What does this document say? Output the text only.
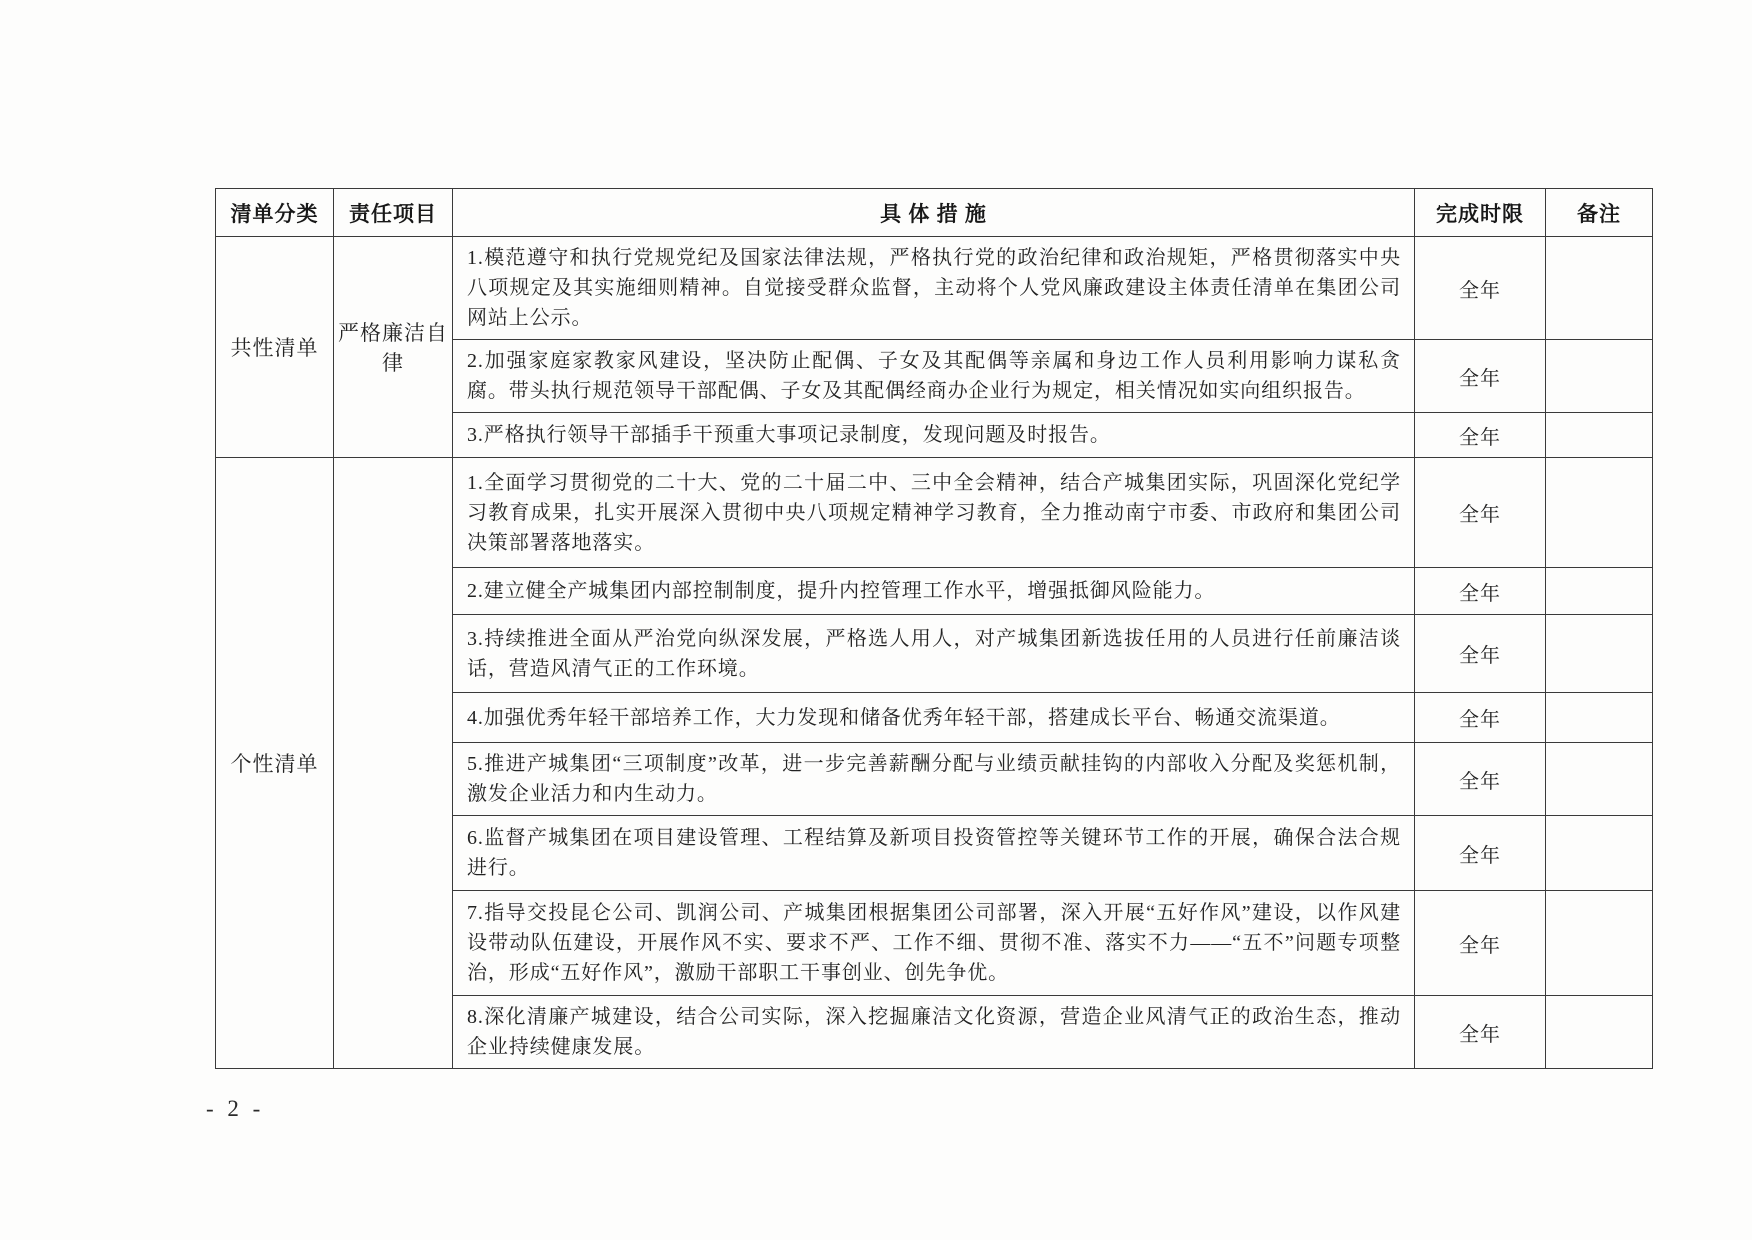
清单分类	责任项目	具 体 措 施	完成时限	备注
共性清单	严格廉洁自律	1.模范遵守和执行党规党纪及国家法律法规，严格执行党的政治纪律和政治规矩，严格贯彻落实中央八项规定及其实施细则精神。自觉接受群众监督，主动将个人党风廉政建设主体责任清单在集团公司网站上公示。	全年	
		2.加强家庭家教家风建设，坚决防止配偶、子女及其配偶等亲属和身边工作人员利用影响力谋私贪腐。带头执行规范领导干部配偶、子女及其配偶经商办企业行为规定，相关情况如实向组织报告。	全年	
		3.严格执行领导干部插手干预重大事项记录制度，发现问题及时报告。	全年	
个性清单		1.全面学习贯彻党的二十大、党的二十届二中、三中全会精神，结合产城集团实际，巩固深化党纪学习教育成果，扎实开展深入贯彻中央八项规定精神学习教育，全力推动南宁市委、市政府和集团公司决策部署落地落实。	全年	
		2.建立健全产城集团内部控制制度，提升内控管理工作水平，增强抵御风险能力。	全年	
		3.持续推进全面从严治党向纵深发展，严格选人用人，对产城集团新选拔任用的人员进行任前廉洁谈话，营造风清气正的工作环境。	全年	
		4.加强优秀年轻干部培养工作，大力发现和储备优秀年轻干部，搭建成长平台、畅通交流渠道。	全年	
		5.推进产城集团“三项制度”改革，进一步完善薪酬分配与业绩贡献挂钩的内部收入分配及奖惩机制，激发企业活力和内生动力。	全年	
		6.监督产城集团在项目建设管理、工程结算及新项目投资管控等关键环节工作的开展，确保合法合规进行。	全年	
		7.指导交投昆仑公司、凯润公司、产城集团根据集团公司部署，深入开展“五好作风”建设，以作风建设带动队伍建设，开展作风不实、要求不严、工作不细、贯彻不准、落实不力——“五不”问题专项整治，形成“五好作风”，激励干部职工干事创业、创先争优。	全年	
		8.深化清廉产城建设，结合公司实际，深入挖掘廉洁文化资源，营造企业风清气正的政治生态，推动企业持续健康发展。	全年	
- 2 -
